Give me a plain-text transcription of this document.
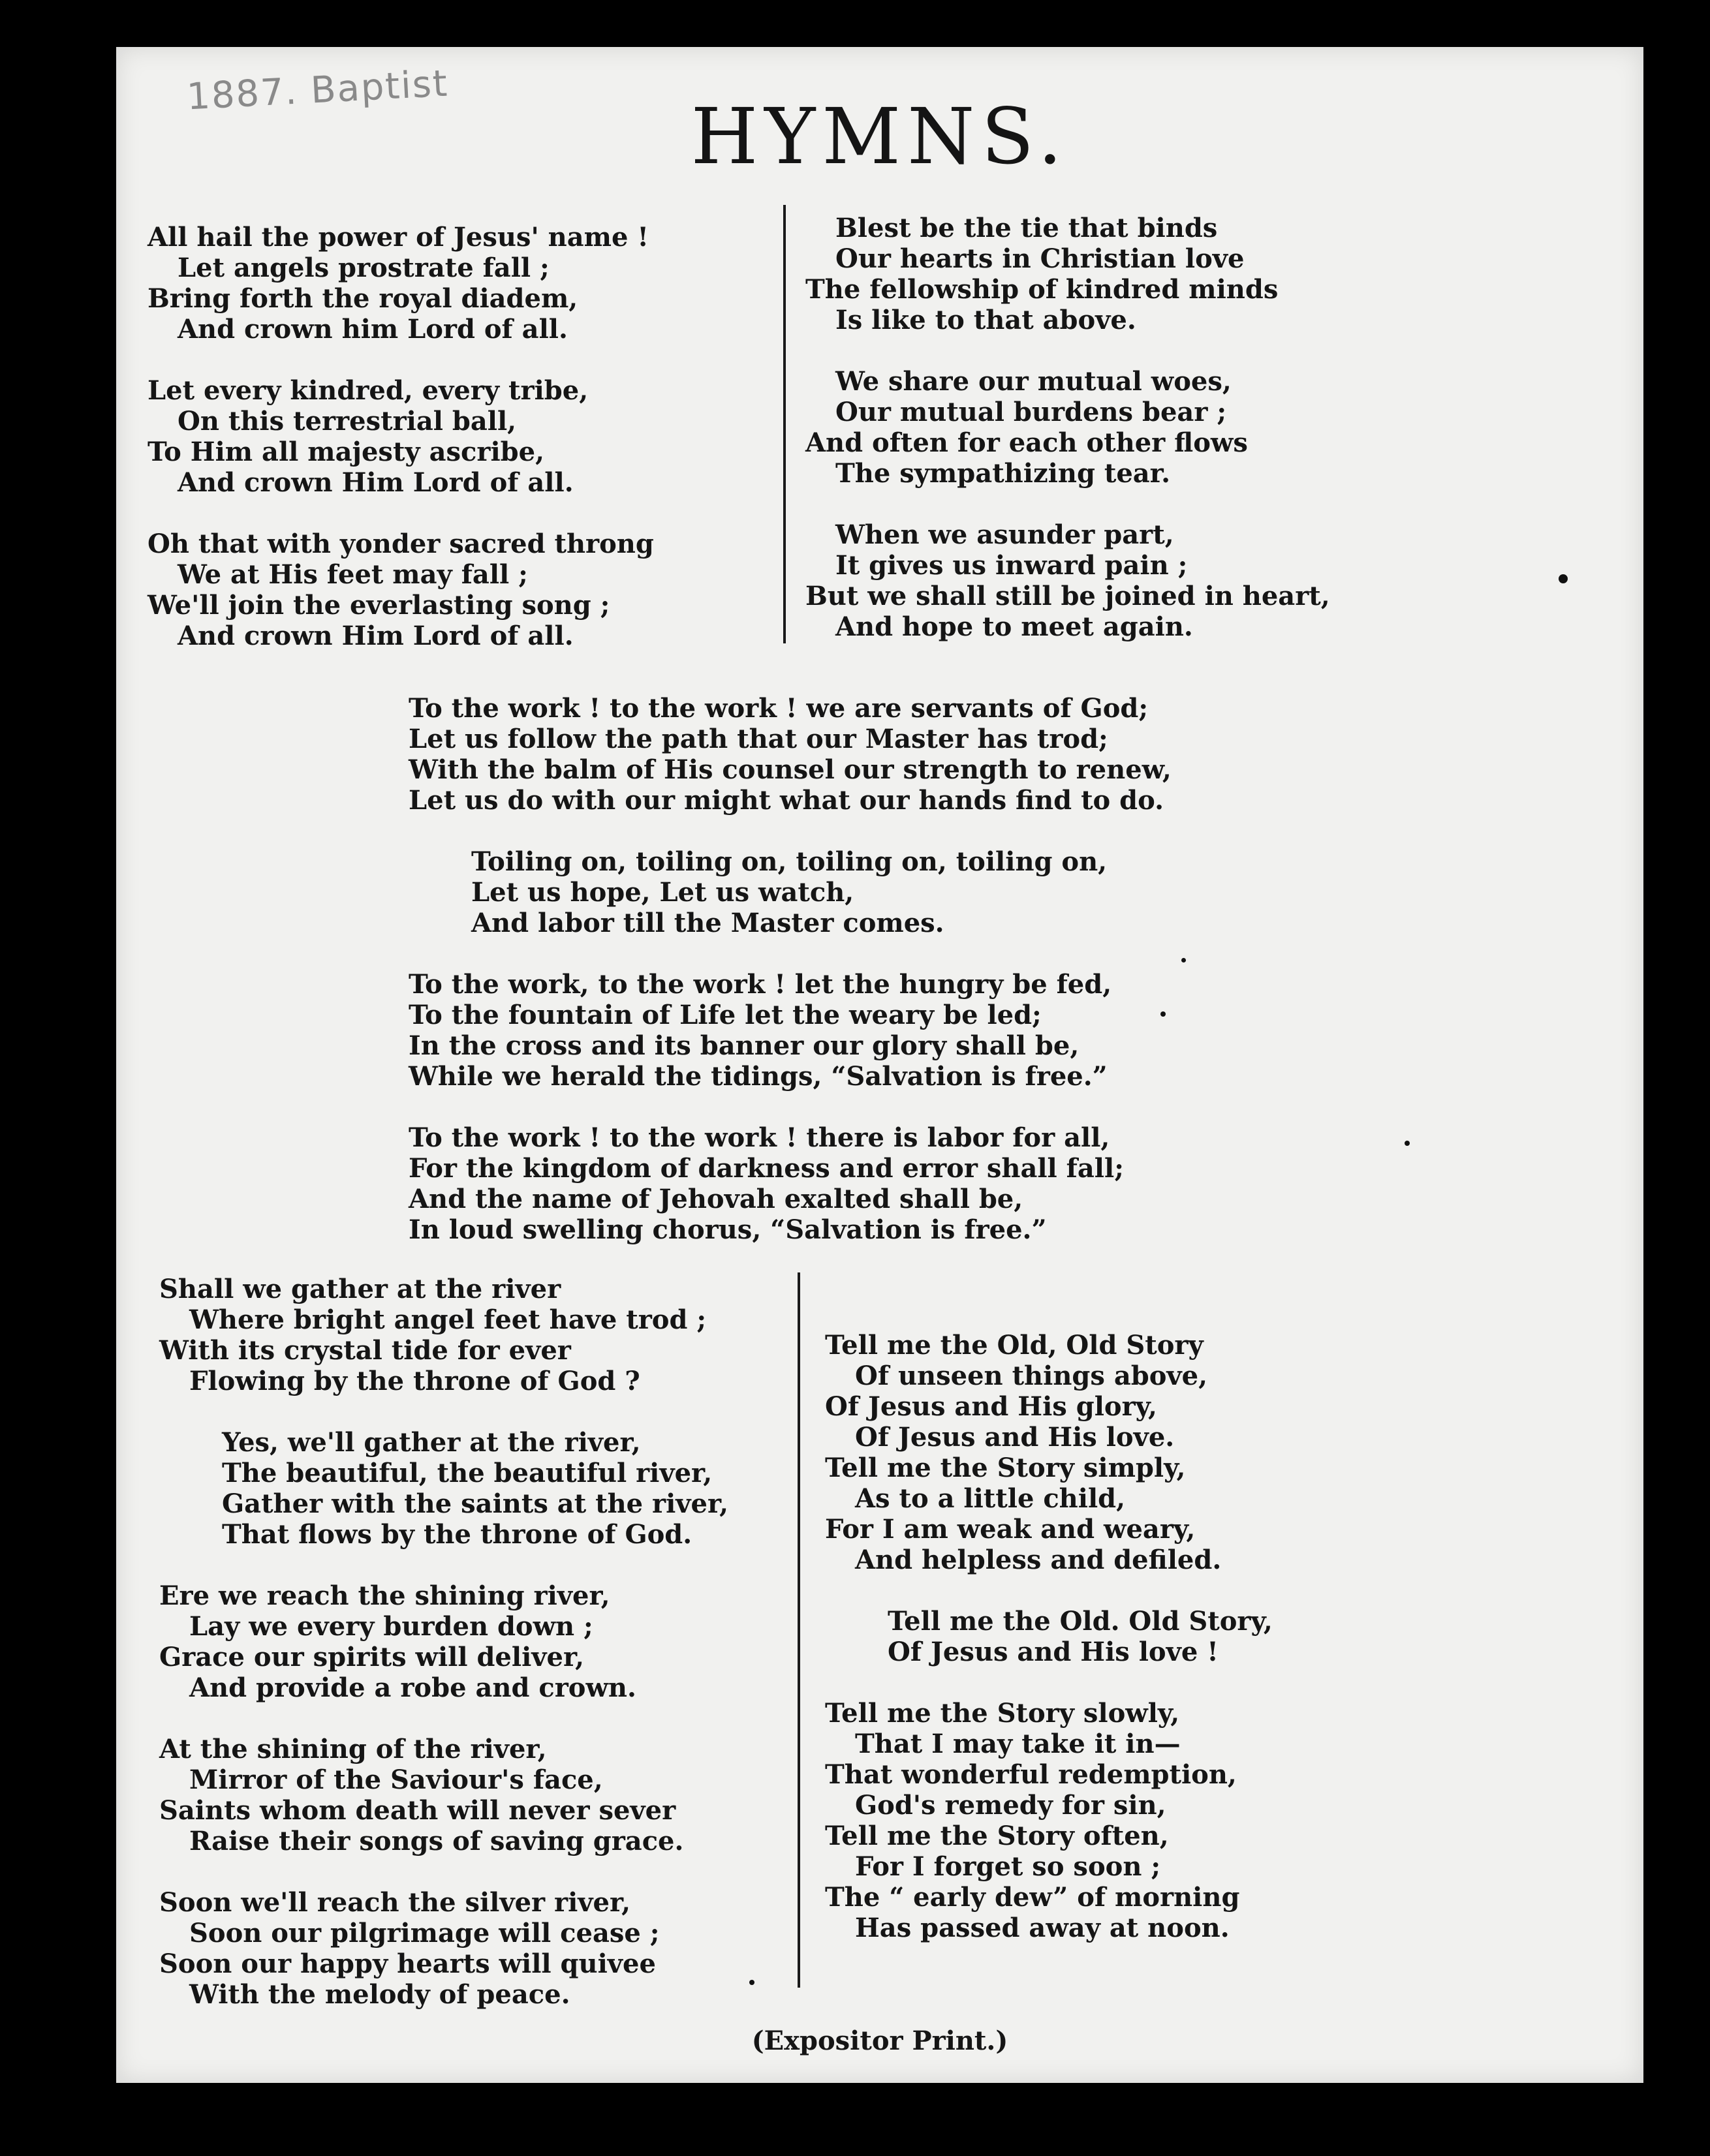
1887. Baptist
HYMNS.
All hail the power of Jesus' name !
Let angels prostrate fall ;
Bring forth the royal diadem,
And crown him Lord of all.
Let every kindred, every tribe,
On this terrestrial ball,
To Him all majesty ascribe,
And crown Him Lord of all.
Oh that with yonder sacred throng
We at His feet may fall ;
We'll join the everlasting song ;
And crown Him Lord of all.
Blest be the tie that binds
Our hearts in Christian love
The fellowship of kindred minds
Is like to that above.
We share our mutual woes,
Our mutual burdens bear ;
And often for each other flows
The sympathizing tear.
When we asunder part,
It gives us inward pain ;
But we shall still be joined in heart,
And hope to meet again.
To the work ! to the work ! we are servants of God;
Let us follow the path that our Master has trod;
With the balm of His counsel our strength to renew,
Let us do with our might what our hands find to do.
Toiling on, toiling on, toiling on, toiling on,
Let us hope, Let us watch,
And labor till the Master comes.
To the work, to the work ! let the hungry be fed,
To the fountain of Life let the weary be led;
In the cross and its banner our glory shall be,
While we herald the tidings, “Salvation is free.”
To the work ! to the work ! there is labor for all,
For the kingdom of darkness and error shall fall;
And the name of Jehovah exalted shall be,
In loud swelling chorus, “Salvation is free.”
Shall we gather at the river
Where bright angel feet have trod ;
With its crystal tide for ever
Flowing by the throne of God ?
Yes, we'll gather at the river,
The beautiful, the beautiful river,
Gather with the saints at the river,
That flows by the throne of God.
Ere we reach the shining river,
Lay we every burden down ;
Grace our spirits will deliver,
And provide a robe and crown.
At the shining of the river,
Mirror of the Saviour's face,
Saints whom death will never sever
Raise their songs of saving grace.
Soon we'll reach the silver river,
Soon our pilgrimage will cease ;
Soon our happy hearts will quivee
With the melody of peace.
Tell me the Old, Old Story
Of unseen things above,
Of Jesus and His glory,
Of Jesus and His love.
Tell me the Story simply,
As to a little child,
For I am weak and weary,
And helpless and defiled.
Tell me the Old. Old Story,
Of Jesus and His love !
Tell me the Story slowly,
That I may take it in—
That wonderful redemption,
God's remedy for sin,
Tell me the Story often,
For I forget so soon ;
The “ early dew” of morning
Has passed away at noon.
(Expositor Print.)
